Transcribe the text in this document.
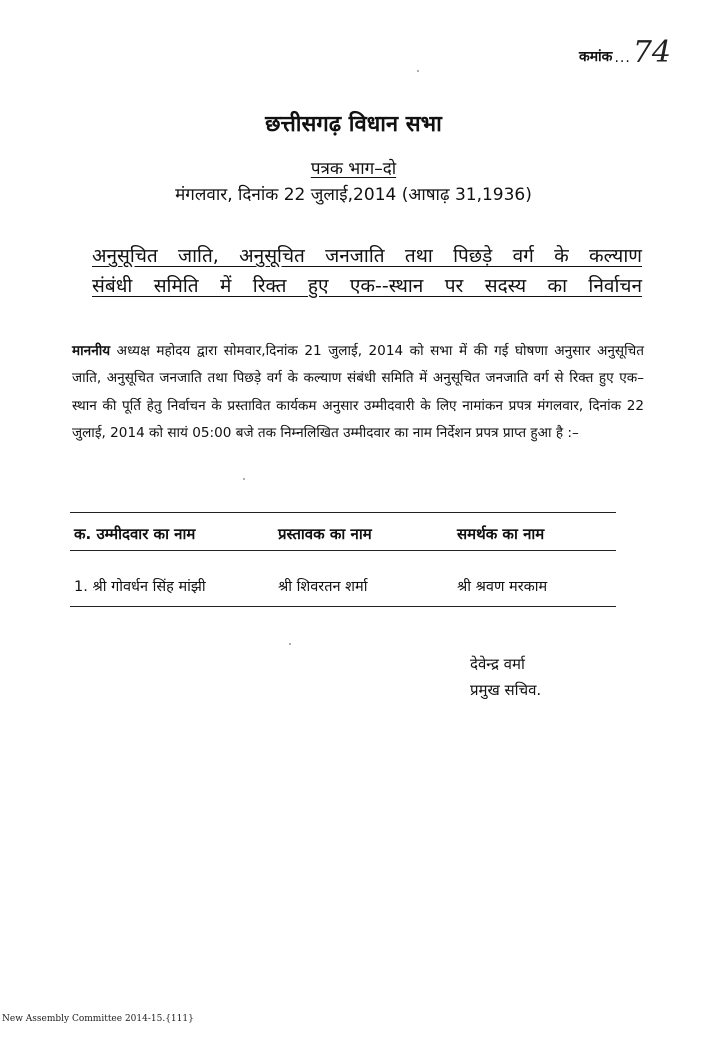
कमांक ... 74
छत्तीसगढ़ विधान सभा
पत्रक भाग–दो
मंगलवार, दिनांक 22 जुलाई,2014 (आषाढ़ 31,1936)
अनुसूचित जाति, अनुसूचित जनजाति तथा पिछड़े वर्ग के कल्याण
संबंधी समिति में रिक्त हुए एक--स्थान पर सदस्य का निर्वाचन
माननीय अध्यक्ष महोदय द्वारा सोमवार,दिनांक 21 जुलाई, 2014 को सभा में की गई घोषणा अनुसार अनुसूचित जाति, अनुसूचित जनजाति तथा पिछड़े वर्ग के कल्याण संबंधी समिति में अनुसूचित जनजाति वर्ग से रिक्त हुए एक–स्थान की पूर्ति हेतु निर्वाचन के प्रस्तावित कार्यकम अनुसार उम्मीदवारी के लिए नामांकन प्रपत्र मंगलवार, दिनांक 22 जुलाई, 2014 को सायं 05:00 बजे तक निम्नलिखित उम्मीदवार का नाम निर्देशन प्रपत्र प्राप्त हुआ है :–
क. उम्मीदवार का नाम	प्रस्तावक का नाम	समर्थक का नाम
1. श्री गोवर्धन सिंह मांझी	श्री शिवरतन शर्मा	श्री श्रवण मरकाम
देवेन्द्र वर्मा
प्रमुख सचिव.
New Assembly Committee 2014-15.{111}
